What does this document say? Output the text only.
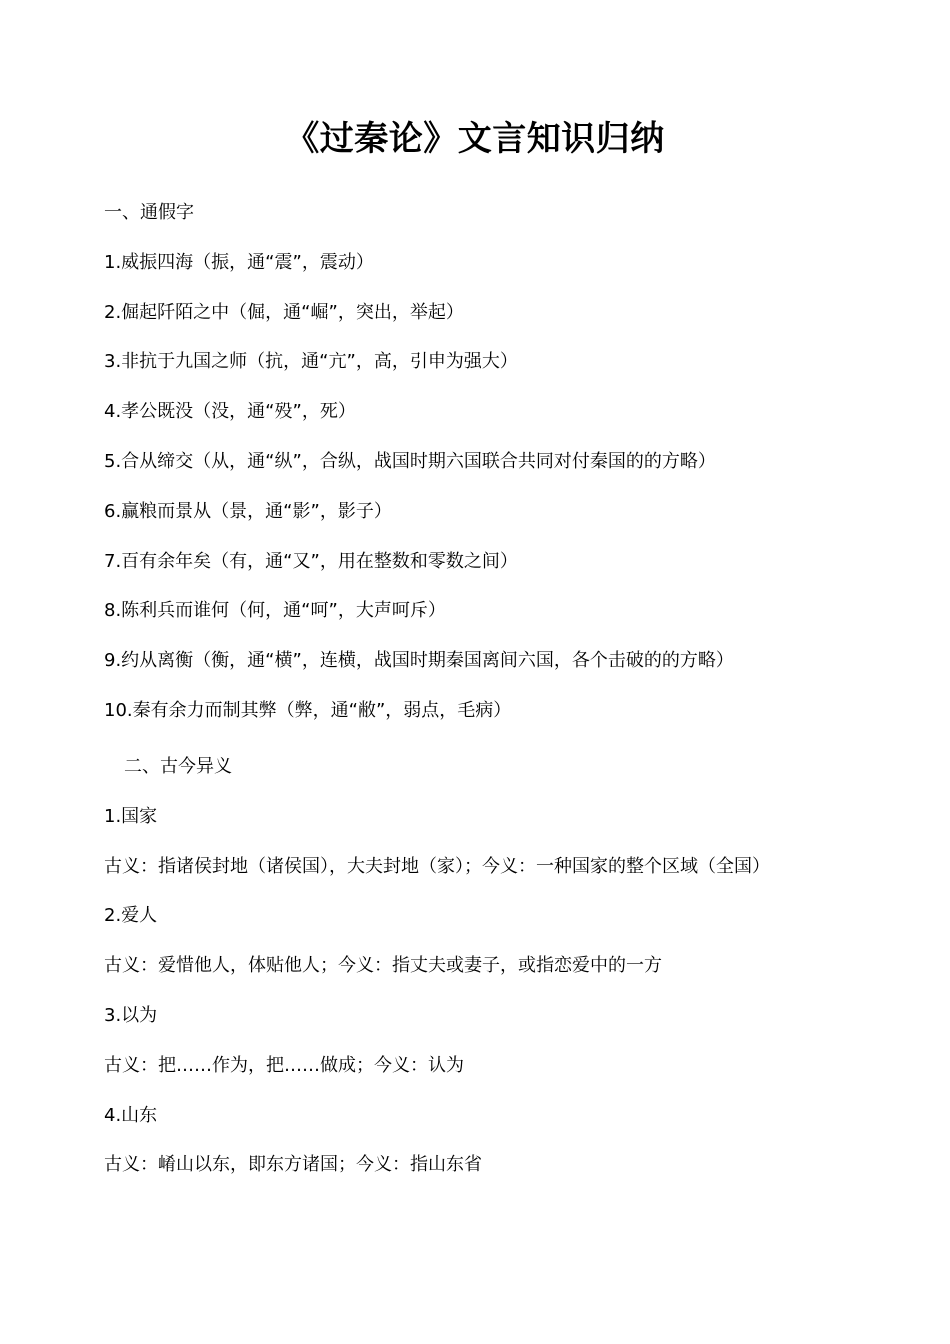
《过秦论》文言知识归纳
一、通假字
1.威振四海（振，通“震”，震动）
2.倔起阡陌之中（倔，通“崛”，突出，举起）
3.非抗于九国之师（抗，通“亢”，高，引申为强大）
4.孝公既没（没，通“殁”，死）
5.合从缔交（从，通“纵”，合纵，战国时期六国联合共同对付秦国的的方略）
6.赢粮而景从（景，通“影”，影子）
7.百有余年矣（有，通“又”，用在整数和零数之间）
8.陈利兵而谁何（何，通“呵”，大声呵斥）
9.约从离衡（衡，通“横”，连横，战国时期秦国离间六国，各个击破的的方略）
10.秦有余力而制其弊（弊，通“敝”，弱点，毛病）
二、古今异义
1.国家
古义：指诸侯封地（诸侯国），大夫封地（家）；今义：一种国家的整个区域（全国）
2.爱人
古义：爱惜他人，体贴他人；今义：指丈夫或妻子，或指恋爱中的一方
3.以为
古义：把……作为，把……做成；今义：认为
4.山东
古义：崤山以东，即东方诸国；今义：指山东省
